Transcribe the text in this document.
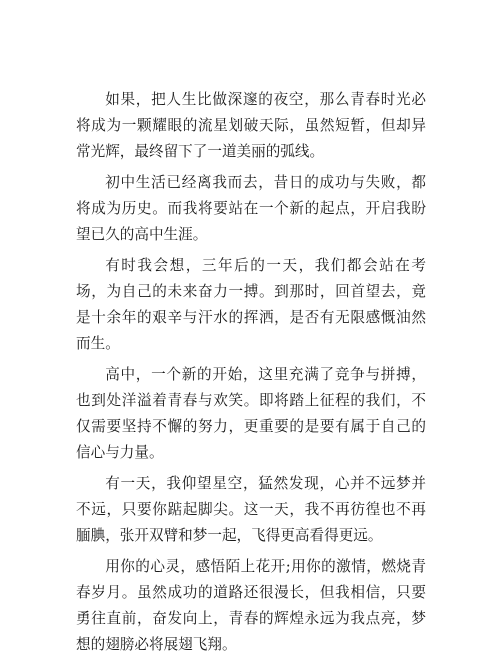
如果，把人生比做深邃的夜空，那么青春时光必将成为一颗耀眼的流星划破天际，虽然短暂，但却异常光辉，最终留下了一道美丽的弧线。

初中生活已经离我而去，昔日的成功与失败，都将成为历史。而我将要站在一个新的起点，开启我盼望已久的高中生涯。

有时我会想，三年后的一天，我们都会站在考场，为自己的未来奋力一搏。到那时，回首望去，竟是十余年的艰辛与汗水的挥洒，是否有无限感慨油然而生。

高中，一个新的开始，这里充满了竞争与拼搏，也到处洋溢着青春与欢笑。即将踏上征程的我们，不仅需要坚持不懈的努力，更重要的是要有属于自己的信心与力量。

有一天，我仰望星空，猛然发现，心并不远梦并不远，只要你踮起脚尖。这一天，我不再彷徨也不再腼腆，张开双臂和梦一起，飞得更高看得更远。

用你的心灵，感悟陌上花开;用你的激情，燃烧青春岁月。虽然成功的道路还很漫长，但我相信，只要勇往直前，奋发向上，青春的辉煌永远为我点亮，梦想的翅膀必将展翅飞翔。
